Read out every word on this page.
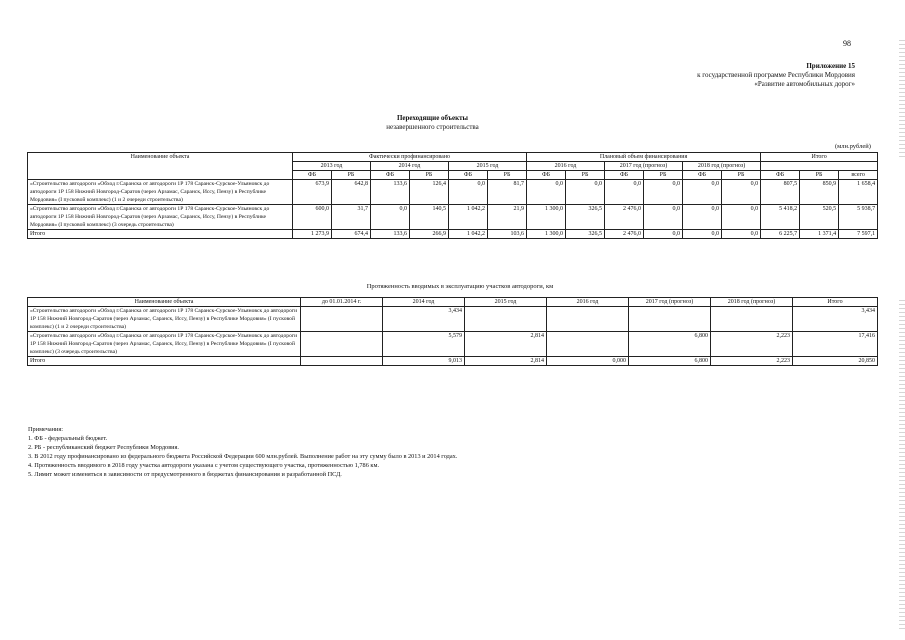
98
Приложение 15
к государственной программе Республики Мордовия
«Развитие автомобильных дорог»
Переходящие объекты
незавершенного строительства
(млн.рублей)
Наименование объекта	Фактически профинансировано						Плановый объем финансирования						Итого		
	2013 год		2014 год		2015 год		2016 год		2017 год (прогноз)		2018 год (прогноз)				
	ФБ	РБ	ФБ	РБ	ФБ	РБ	ФБ	РБ	ФБ	РБ	ФБ	РБ	ФБ	РБ	всего
«Строительство автодороги «Обход г.Саранска от автодороги 1Р 178 Саранск-Сурское-Ульяновск до автодороги 1Р 158 Нижний Новгород-Саратов (через Арзамас, Саранск, Исcу, Пензу) в Республике Мордовия» (I пусковой комплекс) (1 и 2 очереди строительства)	673,9	642,8	133,6	126,4	0,0	81,7	0,0	0,0	0,0	0,0	0,0	0,0	807,5	850,9	1 658,4
«Строительство автодороги «Обход г.Саранска от автодороги 1Р 178 Саранск-Сурское-Ульяновск до автодороги 1Р 158 Нижний Новгород-Саратов (через Арзамас, Саранск, Исcу, Пензу) в Республике Мордовия» (I пусковой комплекс) (3 очередь строительства)	600,0	31,7	0,0	140,5	1 042,2	21,9	1 300,0	326,5	2 476,0	0,0	0,0	0,0	5 418,2	520,5	5 938,7
Итого	1 273,9	674,4	133,6	266,9	1 042,2	103,6	1 300,0	326,5	2 476,0	0,0	0,0	0,0	6 225,7	1 371,4	7 597,1
Протяженность вводимых в эксплуатацию участков автодороги, км
Наименование объекта	до 01.01.2014 г.	2014 год	2015 год	2016 год	2017 год (прогноз)	2018 год (прогноз)	Итого
«Строительство автодороги «Обход г.Саранска от автодороги 1Р 178 Саранск-Сурское-Ульяновск до автодороги 1Р 158 Нижний Новгород-Саратов (через Арзамас, Саранск, Исcу, Пензу) в Республике Мордовия» (I пусковой комплекс) (1 и 2 очереди строительства)		3,434					3,434
«Строительство автодороги «Обход г.Саранска от автодороги 1Р 178 Саранск-Сурское-Ульяновск до автодороги 1Р 158 Нижний Новгород-Саратов (через Арзамас, Саранск, Исcу, Пензу) в Республике Мордовия» (I пусковой комплекс) (3 очередь строительства)		5,579	2,814		6,800	2,223	17,416
Итого		9,013	2,814	0,000	6,800	2,223	20,850
Примечания:
1. ФБ - федеральный бюджет.
2. РБ - республиканский бюджет Республики Мордовия.
3. В 2012 году профинансировано из федерального бюджета Российской Федерации 600 млн.рублей. Выполнение работ на эту сумму было в 2013 и 2014 годах.
4. Протяженность вводимого в 2018 году участка автодороги указана с учетом существующего участка, протяженностью 1,786 км.
5. Лимит может изменяться в зависимости от предусмотренного в бюджетах финансирования и разработанной ПСД.
